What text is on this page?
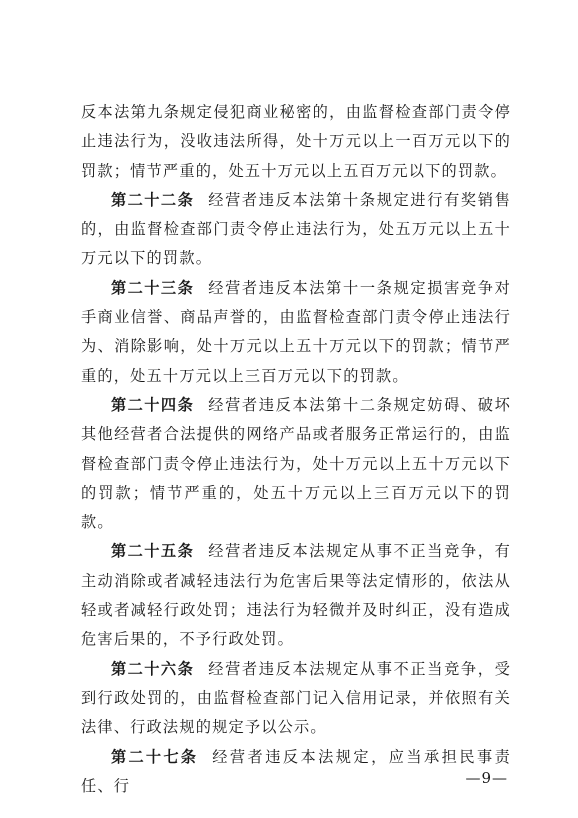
反本法第九条规定侵犯商业秘密的，由监督检查部门责令停止违法行为，没收违法所得，处十万元以上一百万元以下的罚款；情节严重的，处五十万元以上五百万元以下的罚款。

第二十二条 经营者违反本法第十条规定进行有奖销售的，由监督检查部门责令停止违法行为，处五万元以上五十万元以下的罚款。

第二十三条 经营者违反本法第十一条规定损害竞争对手商业信誉、商品声誉的，由监督检查部门责令停止违法行为、消除影响，处十万元以上五十万元以下的罚款；情节严重的，处五十万元以上三百万元以下的罚款。

第二十四条 经营者违反本法第十二条规定妨碍、破坏其他经营者合法提供的网络产品或者服务正常运行的，由监督检查部门责令停止违法行为，处十万元以上五十万元以下的罚款；情节严重的，处五十万元以上三百万元以下的罚款。

第二十五条 经营者违反本法规定从事不正当竞争，有主动消除或者减轻违法行为危害后果等法定情形的，依法从轻或者减轻行政处罚；违法行为轻微并及时纠正，没有造成危害后果的，不予行政处罚。

第二十六条 经营者违反本法规定从事不正当竞争，受到行政处罚的，由监督检查部门记入信用记录，并依照有关法律、行政法规的规定予以公示。

第二十七条 经营者违反本法规定，应当承担民事责任、行	—9—
